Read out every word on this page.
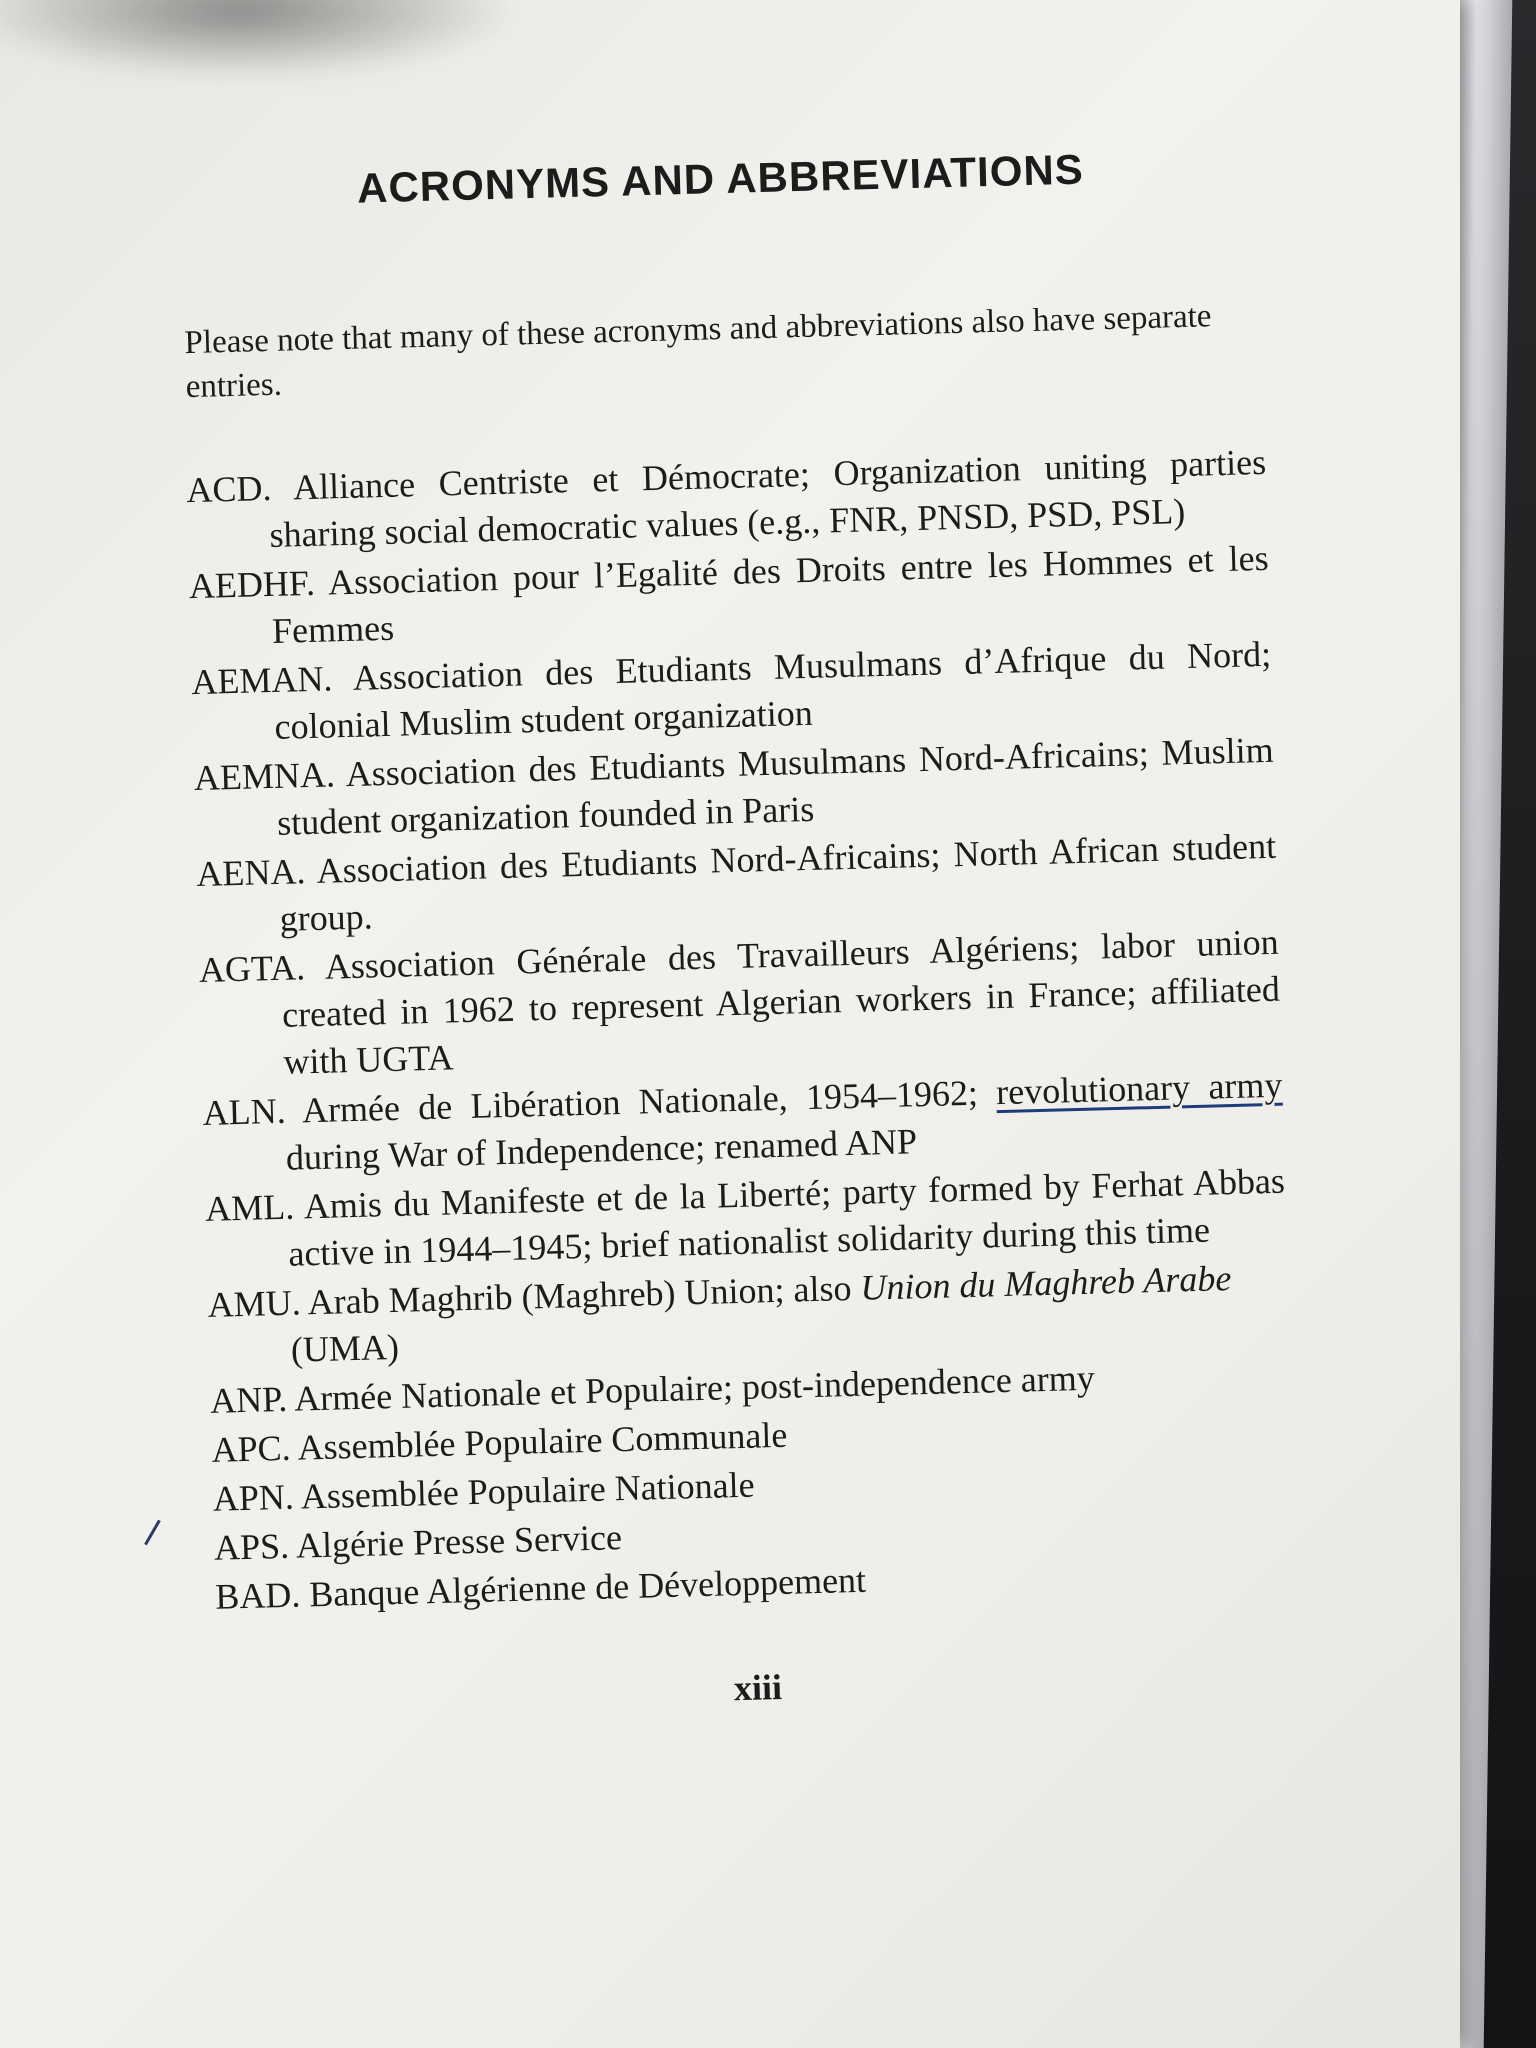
ACRONYMS AND ABBREVIATIONS
Please note that many of these acronyms and abbreviations also have separate entries.
ACD. Alliance Centriste et Démocrate; Organization uniting parties sharing social democratic values (e.g., FNR, PNSD, PSD, PSL)
AEDHF. Association pour l’Egalité des Droits entre les Hommes et les Femmes
AEMAN. Association des Etudiants Musulmans d’Afrique du Nord; colonial Muslim student organization
AEMNA. Association des Etudiants Musulmans Nord-Africains; Muslim student organization founded in Paris
AENA. Association des Etudiants Nord-Africains; North African student group.
AGTA. Association Générale des Travailleurs Algériens; labor union created in 1962 to represent Algerian workers in France; affiliated with UGTA
ALN. Armée de Libération Nationale, 1954–1962; revolutionary army during War of Independence; renamed ANP
AML. Amis du Manifeste et de la Liberté; party formed by Ferhat Abbas active in 1944–1945; brief nationalist solidarity during this time
AMU. Arab Maghrib (Maghreb) Union; also Union du Maghreb Arabe (UMA)
ANP. Armée Nationale et Populaire; post-independence army
APC. Assemblée Populaire Communale
APN. Assemblée Populaire Nationale
APS. Algérie Presse Service
BAD. Banque Algérienne de Développement
xiii
